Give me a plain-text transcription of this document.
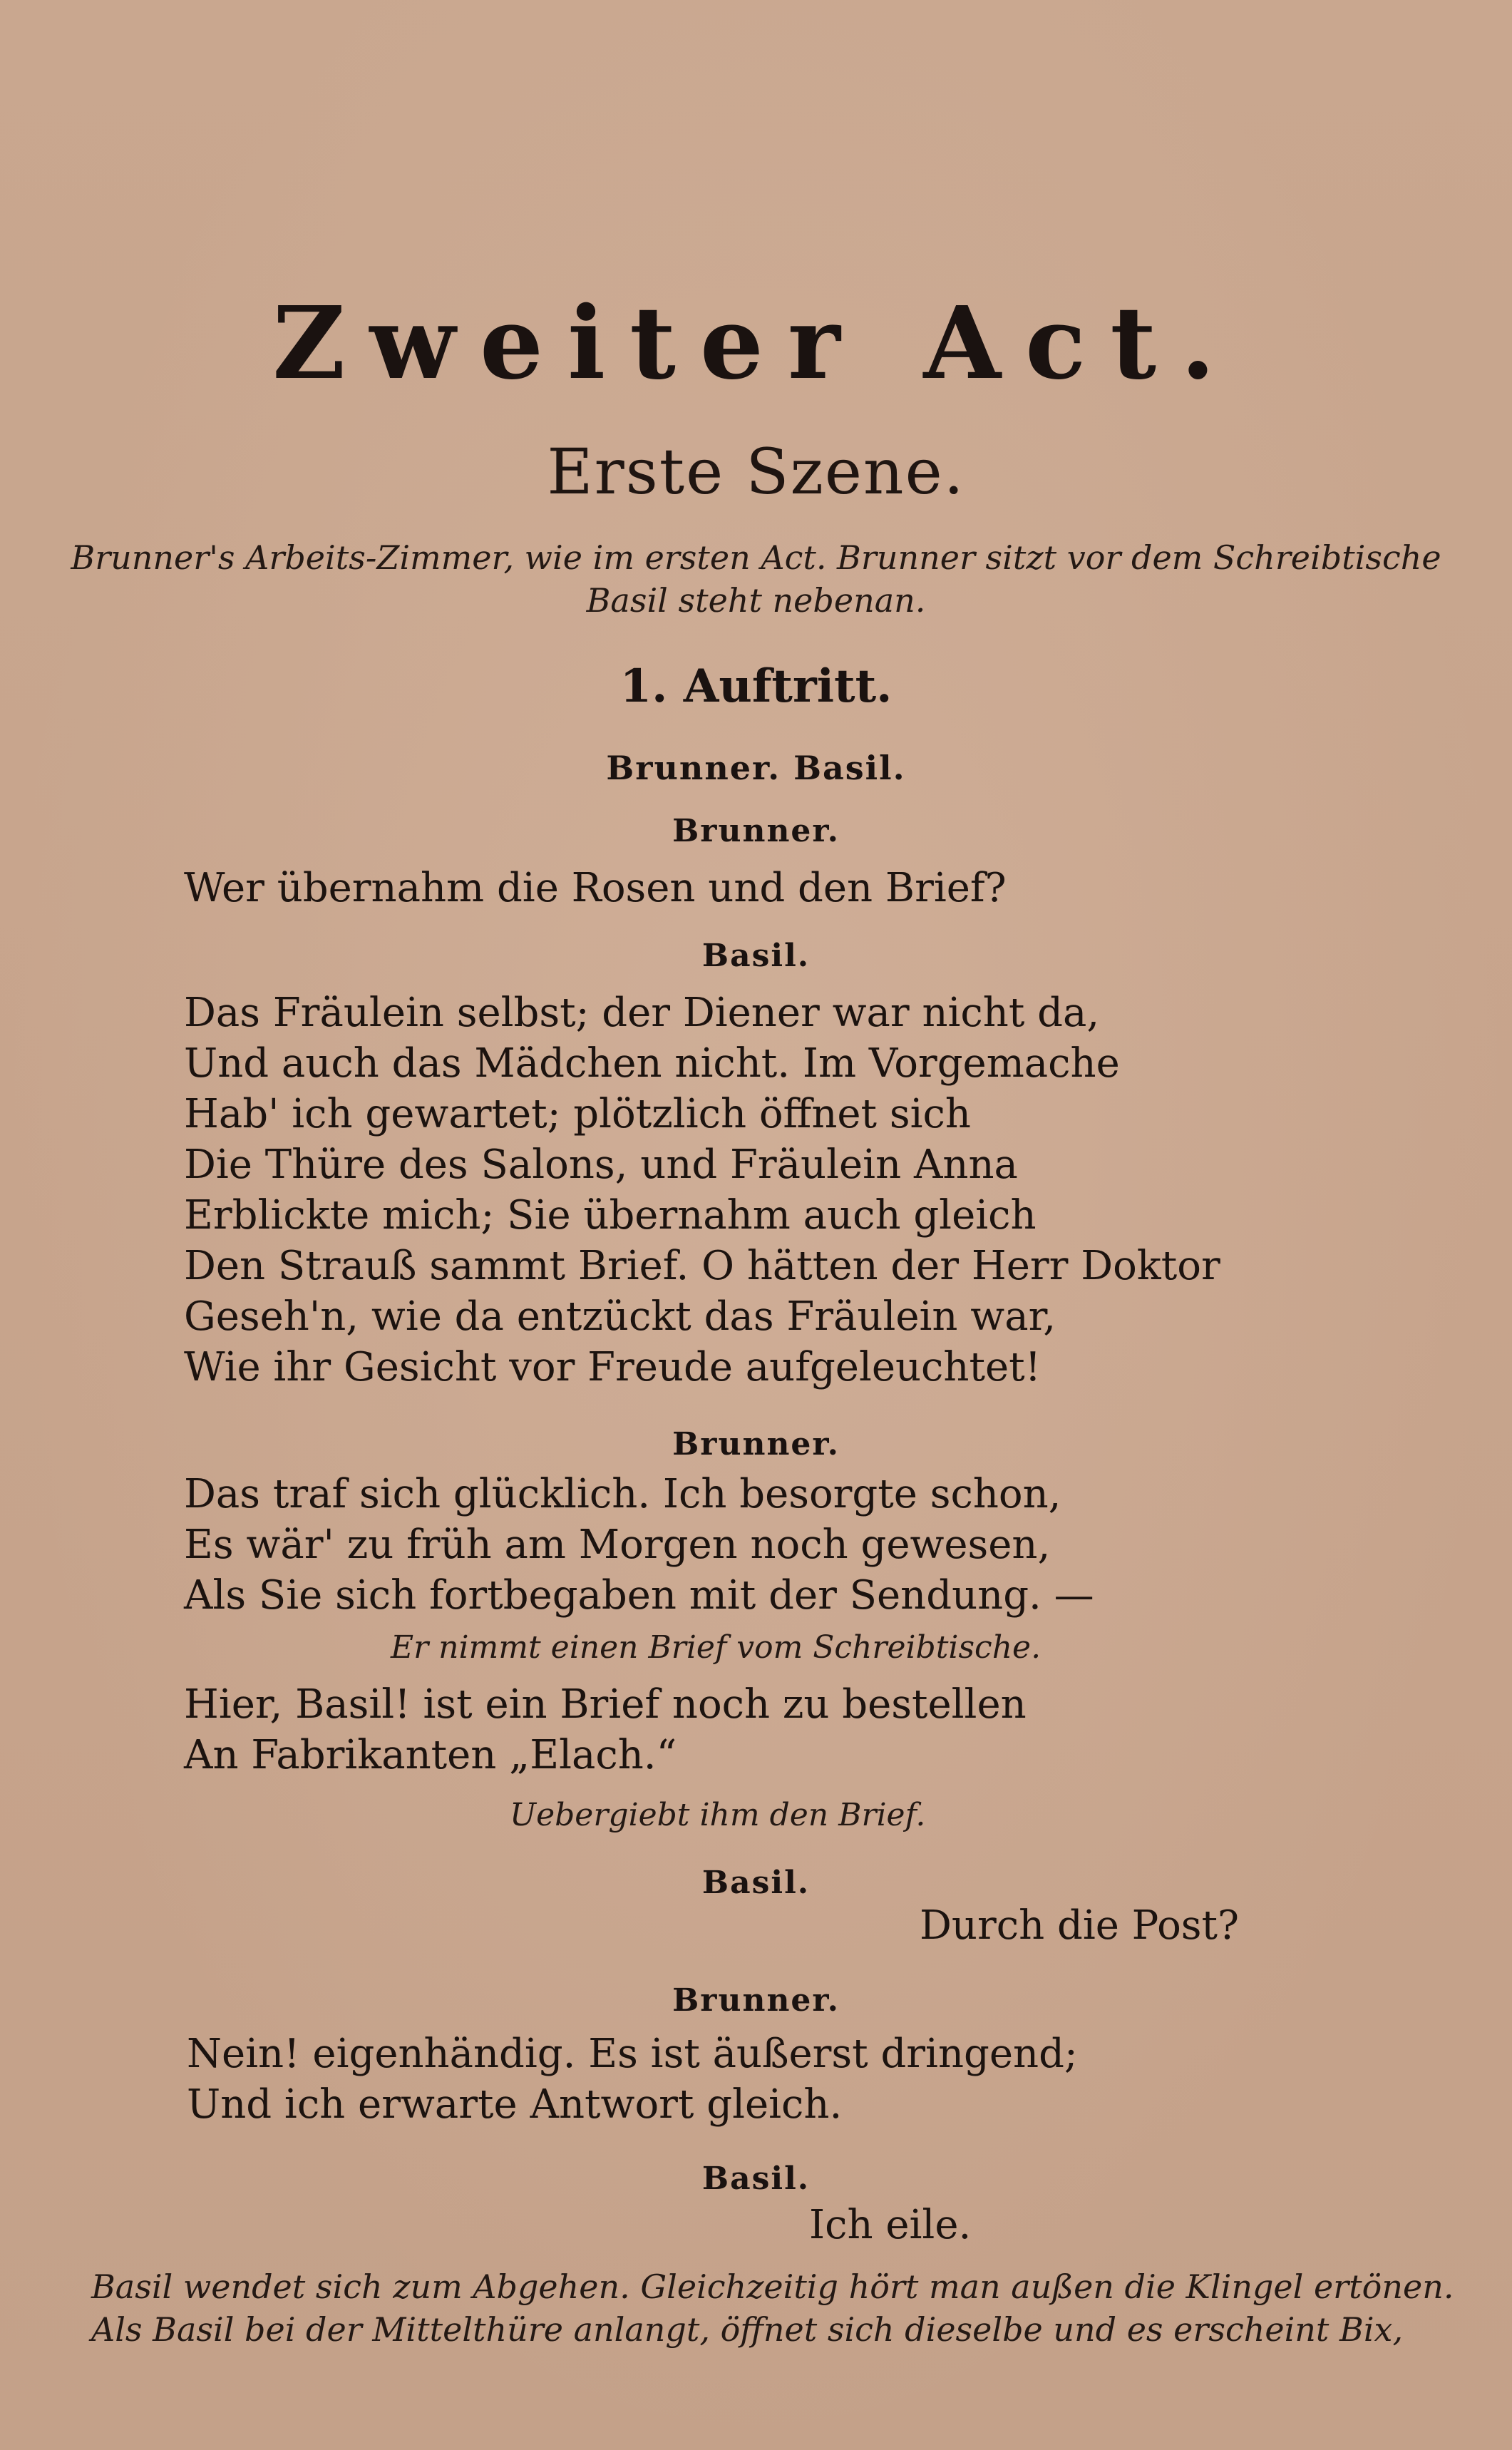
Zweiter Act.
Erste Szene.
Brunner's Arbeits-Zimmer, wie im ersten Act. Brunner sitzt vor dem Schreibtische
Basil steht nebenan.
1. Auftritt.
Brunner. Basil.
Brunner.
Wer übernahm die Rosen und den Brief?
Basil.
Das Fräulein selbst; der Diener war nicht da,
Und auch das Mädchen nicht. Im Vorgemache
Hab' ich gewartet; plötzlich öffnet sich
Die Thüre des Salons, und Fräulein Anna
Erblickte mich; Sie übernahm auch gleich
Den Strauß sammt Brief. O hätten der Herr Doktor
Geseh'n, wie da entzückt das Fräulein war,
Wie ihr Gesicht vor Freude aufgeleuchtet!
Brunner.
Das traf sich glücklich. Ich besorgte schon,
Es wär' zu früh am Morgen noch gewesen,
Als Sie sich fortbegaben mit der Sendung. —
Er nimmt einen Brief vom Schreibtische.
Hier, Basil! ist ein Brief noch zu bestellen
An Fabrikanten „Elach.“
Uebergiebt ihm den Brief.
Basil.
Durch die Post?
Brunner.
Nein! eigenhändig. Es ist äußerst dringend;
Und ich erwarte Antwort gleich.
Basil.
Ich eile.
Basil wendet sich zum Abgehen. Gleichzeitig hört man außen die Klingel ertönen.
Als Basil bei der Mittelthüre anlangt, öffnet sich dieselbe und es erscheint Bix,
